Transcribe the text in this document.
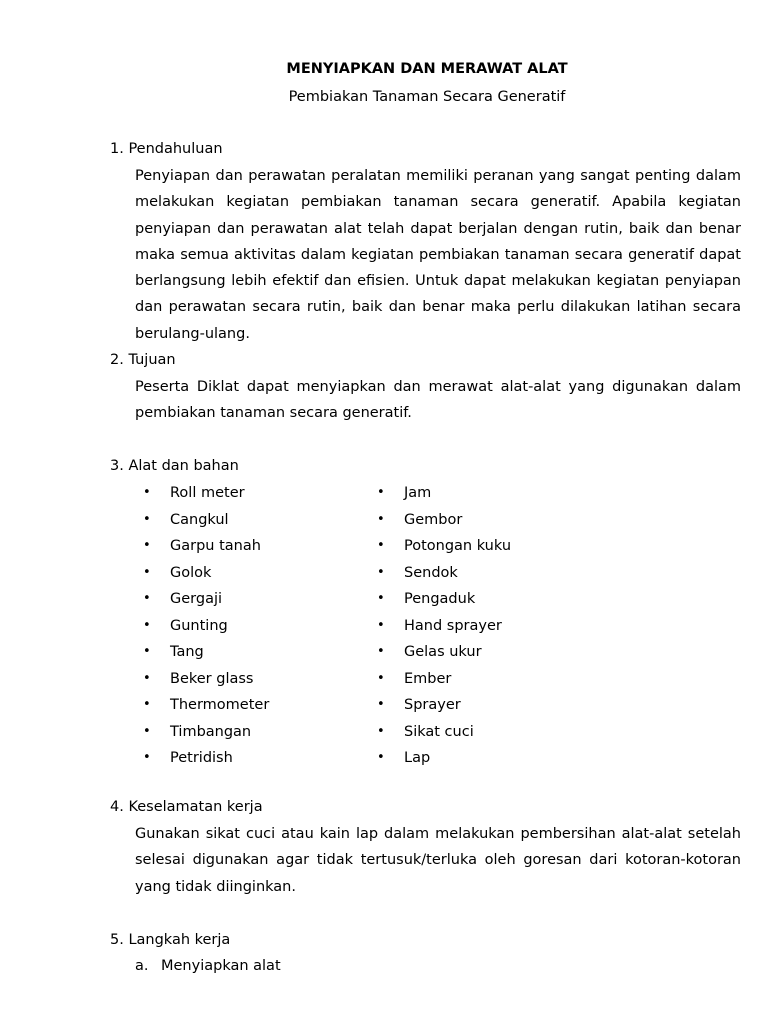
MENYIAPKAN DAN MERAWAT ALAT
Pembiakan Tanaman Secara Generatif
1. Pendahuluan

Penyiapan dan perawatan peralatan memiliki peranan yang sangat penting dalam melakukan kegiatan pembiakan tanaman secara generatif. Apabila kegiatan penyiapan dan perawatan alat telah dapat berjalan dengan rutin, baik dan benar maka semua aktivitas dalam kegiatan pembiakan tanaman secara generatif dapat berlangsung lebih efektif dan efisien. Untuk dapat melakukan kegiatan penyiapan dan perawatan secara rutin, baik dan benar maka perlu dilakukan latihan secara berulang-ulang.

2. Tujuan

Peserta Diklat dapat menyiapkan dan merawat alat-alat yang digunakan dalam pembiakan tanaman secara generatif.

3. Alat dan bahan
• Roll meter
• Cangkul
• Garpu tanah
• Golok
• Gergaji
• Gunting
• Tang
• Beker glass
• Thermometer
• Timbangan
• Petridish
• Jam
• Gembor
• Potongan kuku
• Sendok
• Pengaduk
• Hand sprayer
• Gelas ukur
• Ember
• Sprayer
• Sikat cuci
• Lap
4. Keselamatan kerja

Gunakan sikat cuci atau kain lap dalam melakukan pembersihan alat-alat setelah selesai digunakan agar tidak tertusuk/terluka oleh goresan dari kotoran-kotoran yang tidak diinginkan.

5. Langkah kerja
a. Menyiapkan alat
